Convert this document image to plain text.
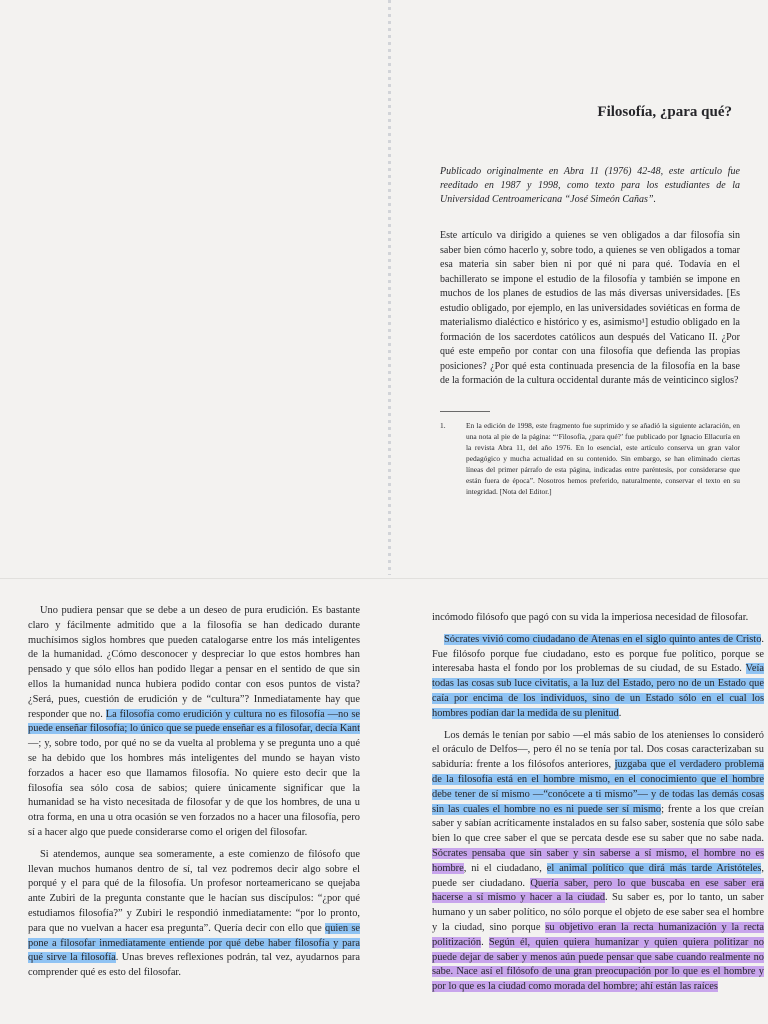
Filosofía, ¿para qué?

Publicado originalmente en Abra 11 (1976) 42-48, este artículo fue reeditado en 1987 y 1998, como texto para los estudiantes de la Universidad Centroamericana “José Simeón Cañas”.

Este artículo va dirigido a quienes se ven obligados a dar filosofía sin saber bien cómo hacerlo y, sobre todo, a quienes se ven obligados a tomar esa materia sin saber bien ni por qué ni para qué. Todavía en el bachillerato se impone el estudio de la filosofía y también se impone en muchos de los planes de estudios de las más diversas universidades. [Es estudio obligado, por ejemplo, en las universidades soviéticas en forma de materialismo dialéctico e histórico y es, asimismo¹] estudio obligado en la formación de los sacerdotes católicos aun después del Vaticano II. ¿Por qué este empeño por contar con una filosofía que defienda las propias posiciones? ¿Por qué esta continuada presencia de la filosofía en la base de la formación de la cultura occidental durante más de veinticinco siglos?

1.	En la edición de 1998, este fragmento fue suprimido y se añadió la siguiente aclaración, en una nota al pie de la página: “‘Filosofía, ¿para qué?’ fue publicado por Ignacio Ellacuría en la revista Abra 11, del año 1976. En lo esencial, este artículo conserva un gran valor pedagógico y mucha actualidad en su contenido. Sin embargo, se han eliminado ciertas líneas del primer párrafo de esta página, indicadas entre paréntesis, por considerarse que están fuera de época”. Nosotros hemos preferido, naturalmente, conservar el texto en su integridad. [Nota del Editor.]

Uno pudiera pensar que se debe a un deseo de pura erudición. Es bastante claro y fácilmente admitido que a la filosofía se han dedicado durante muchísimos siglos hombres que pueden catalogarse entre los más inteligentes de la humanidad. ¿Cómo desconocer y despreciar lo que estos hombres han pensado y que sólo ellos han podido llegar a pensar en el sentido de que sin ellos la humanidad nunca hubiera podido contar con esos puntos de vista? ¿Será, pues, cuestión de erudición y de “cultura”? Inmediatamente hay que responder que no. La filosofía como erudición y cultura no es filosofía —no se puede enseñar filosofía; lo único que se puede enseñar es a filosofar, decía Kant—; y, sobre todo, por qué no se da vuelta al problema y se pregunta uno a qué se ha debido que los hombres más inteligentes del mundo se hayan visto forzados a hacer eso que llamamos filosofía. No quiere esto decir que la filosofía sea sólo cosa de sabios; quiere únicamente significar que la humanidad se ha visto necesitada de filosofar y de que los hombres, de una u otra forma, en una u otra ocasión se ven forzados no a hacer una filosofía, pero sí a hacer algo que puede considerarse como el origen del filosofar.

Si atendemos, aunque sea someramente, a este comienzo de filósofo que llevan muchos humanos dentro de sí, tal vez podremos decir algo sobre el porqué y el para qué de la filosofía. Un profesor norteamericano se quejaba ante Zubiri de la pregunta constante que le hacían sus discípulos: “¿por qué estudiamos filosofía?” y Zubiri le respondió inmediatamente: “por lo pronto, para que no vuelvan a hacer esa pregunta”. Quería decir con ello que quien se pone a filosofar inmediatamente entiende por qué debe haber filosofía y para qué sirve la filosofía. Unas breves reflexiones podrán, tal vez, ayudarnos para comprender qué es esto del filosofar.

incómodo filósofo que pagó con su vida la imperiosa necesidad de filosofar.

Sócrates vivió como ciudadano de Atenas en el siglo quinto antes de Cristo. Fue filósofo porque fue ciudadano, esto es porque fue político, porque se interesaba hasta el fondo por los problemas de su ciudad, de su Estado. Veía todas las cosas sub luce civitatis, a la luz del Estado, pero no de un Estado que caía por encima de los individuos, sino de un Estado sólo en el cual los hombres podían dar la medida de su plenitud.

Los demás le tenían por sabio —el más sabio de los atenienses lo consideró el oráculo de Delfos—, pero él no se tenía por tal. Dos cosas caracterizaban su sabiduría: frente a los filósofos anteriores, juzgaba que el verdadero problema de la filosofía está en el hombre mismo, en el conocimiento que el hombre debe tener de sí mismo —“conócete a ti mismo”— y de todas las demás cosas sin las cuales el hombre no es ni puede ser sí mismo; frente a los que creían saber y sabían acríticamente instalados en su falso saber, sostenía que sólo sabe bien lo que cree saber el que se percata desde ese su saber que no sabe nada. Sócrates pensaba que sin saber y sin saberse a sí mismo, el hombre no es hombre, ni el ciudadano, el animal político que dirá más tarde Aristóteles, puede ser ciudadano. Quería saber, pero lo que buscaba en ese saber era hacerse a sí mismo y hacer a la ciudad. Su saber es, por lo tanto, un saber humano y un saber político, no sólo porque el objeto de ese saber sea el hombre y la ciudad, sino porque su objetivo eran la recta humanización y la recta politización. Según él, quien quiera humanizar y quien quiera politizar no puede dejar de saber y menos aún puede pensar que sabe cuando realmente no sabe. Nace así el filósofo de una gran preocupación por lo que es el hombre y por lo que es la ciudad como morada del hombre; ahí están las raíces
